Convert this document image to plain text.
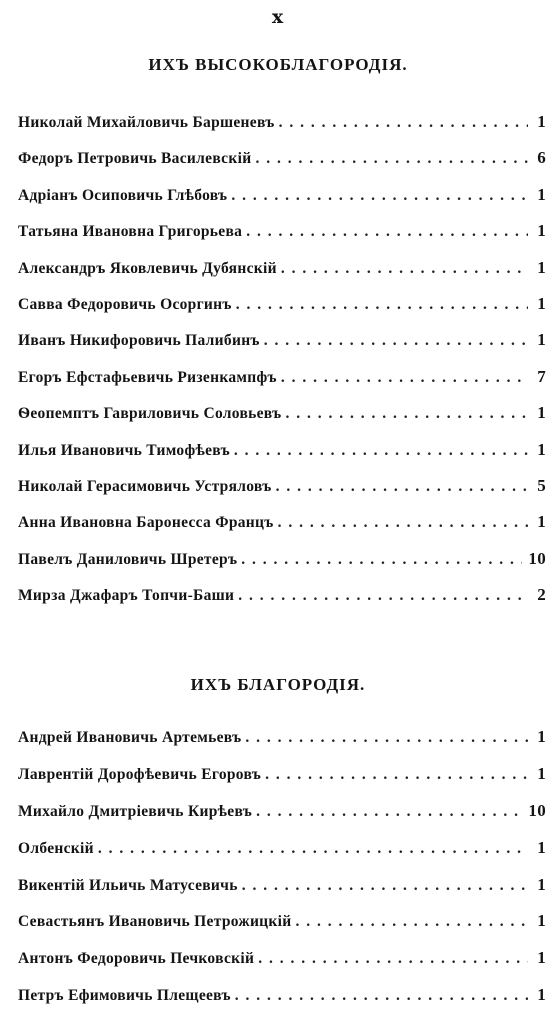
x
ИХЪ ВЫСОКОБЛАГОРОДІЯ.
Николай Михайловичь Баршеневъ . . .	1
Федоръ Петровичь Василевскій . . .	6
Адріанъ Осиповичь Глѣбовъ . . .	1
Татьяна Ивановна Григорьева . . .	1
Александръ Яковлевичь Дубянскій . . .	1
Савва Федоровичь Осоргинъ . . .	1
Иванъ Никифоровичь Палибинъ . . .	1
Егоръ Ефстафьевичь Ризенкампфъ . . .	7
Ѳеопемптъ Гавриловичь Соловьевъ . . .	1
Илья Ивановичь Тимофѣевъ . . .	1
Николай Герасимовичь Устряловъ . . .	5
Анна Ивановна Баронесса Францъ . . .	1
Павелъ Даниловичь Шретеръ . . .	10
Мирза Джафаръ Топчи-Баши . . .	2
ИХЪ БЛАГОРОДІЯ.
Андрей Ивановичь Артемьевъ . . .	1
Лаврентій Дорофѣевичь Егоровъ . . .	1
Михайло Дмитріевичь Кирѣевъ . . .	10
Олбенскій . . .	1
Викентій Ильичь Матусевичь . . .	1
Севастьянъ Ивановичь Петрожицкій . . .	1
Антонъ Федоровичь Печковскій . . .	1
Петръ Ефимовичь Плещеевъ . . .	1
